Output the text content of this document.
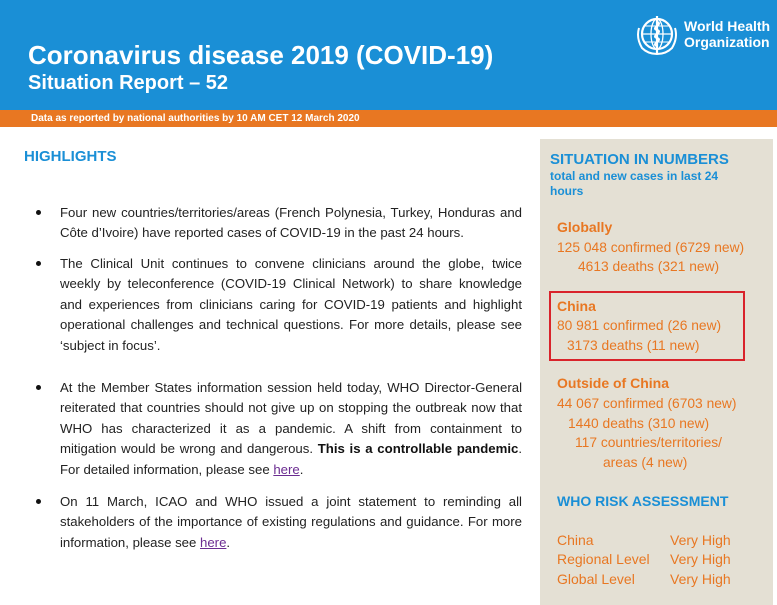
Coronavirus disease 2019 (COVID-19)
Situation Report – 52
World Health
Organization
Data as reported by national authorities by 10 AM CET 12 March 2020
HIGHLIGHTS
Four new countries/territories/areas (French Polynesia, Turkey, Honduras and Côte d’Ivoire) have reported cases of COVID-19 in the past 24 hours.
The Clinical Unit continues to convene clinicians around the globe, twice weekly by teleconference (COVID-19 Clinical Network) to share knowledge and experiences from clinicians caring for COVID-19 patients and highlight operational challenges and technical questions. For more details, please see ‘subject in focus’.
At the Member States information session held today, WHO Director-General reiterated that countries should not give up on stopping the outbreak now that WHO has characterized it as a pandemic. A shift from containment to mitigation would be wrong and dangerous. This is a controllable pandemic. For detailed information, please see here.
On 11 March, ICAO and WHO issued a joint statement to reminding all stakeholders of the importance of existing regulations and guidance. For more information, please see here.
SITUATION IN NUMBERS
total and new cases in last 24 hours
Globally
125 048 confirmed (6729 new)
4613 deaths (321 new)
China
80 981 confirmed (26 new)
3173 deaths (11 new)
Outside of China
44 067 confirmed (6703 new)
1440 deaths (310 new)
117 countries/territories/
areas (4 new)
WHO RISK ASSESSMENT
China	Very High
Regional Level Very High
Global Level	Very High
